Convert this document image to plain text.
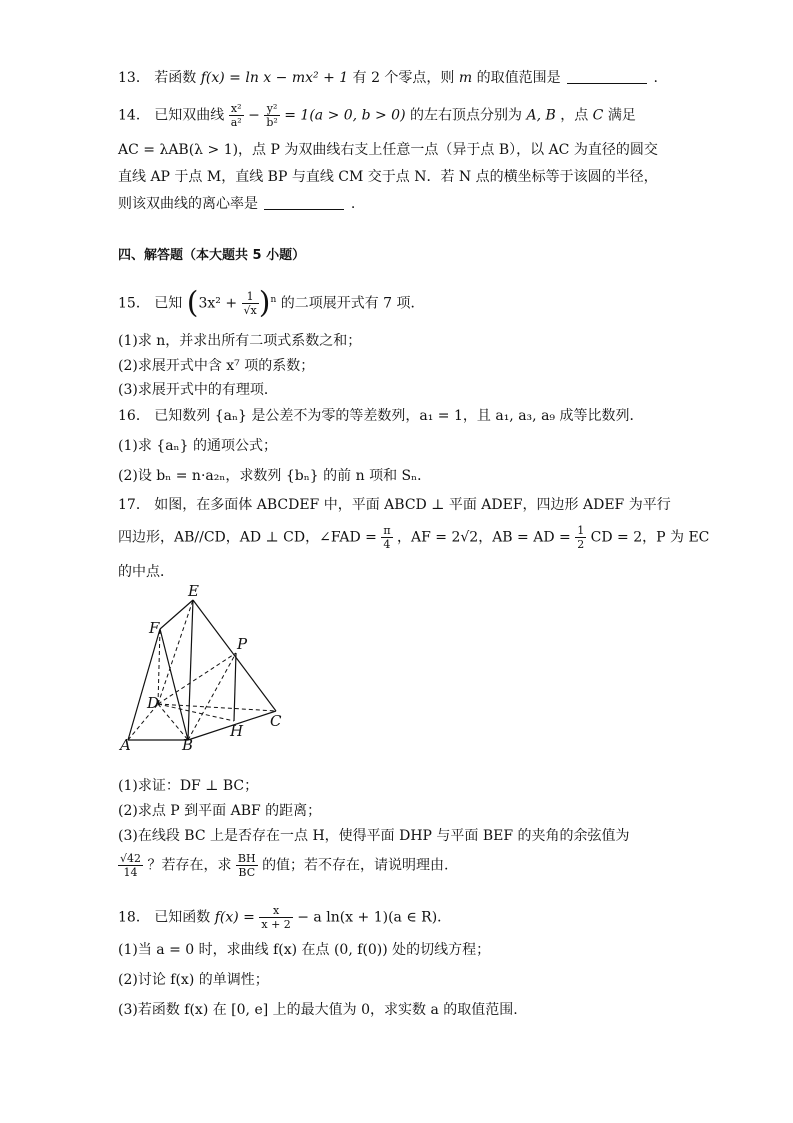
13． 若函数 f(x) = ln x − mx² + 1 有 2 个零点，则 m 的取值范围是	.
14． 已知双曲线 $\frac{\text{x²}}{\text{a²}} - \frac{\text{y²}}{\text{b²}} = 1(a > 0$, b > 0) 的左右顶点分别为 A, B ，点 C 满足
AC = λAB(λ > 1)，点 P 为双曲线右支上任意一点（异于点 B），以 AC 为直径的圆交
直线 AP 于点 M，直线 BP 与直线 CM 交于点 N．若 N 点的横坐标等于该圆的半径，
则该双曲线的离心率是	.
四、解答题（本大题共 5 小题）
15． 已知 $(3x^2 + \frac{1}{√x} )^n$ 的二项展开式有 7 项．
(1)求 n，并求出所有二项式系数之和；
(2)求展开式中含 x⁷ 项的系数；
(3)求展开式中的有理项．
16． 已知数列 {aₙ} 是公差不为零的等差数列，a₁ = 1，且 a₁, a₃, a₉ 成等比数列．
(1)求 {aₙ} 的通项公式；
(2)设 bₙ = n·a₂ₙ，求数列 {bₙ} 的前 n 项和 Sₙ．
17． 如图，在多面体 ABCDEF 中，平面 ABCD ⊥ 平面 ADEF，四边形 ADEF 为平行
四边形，AB//CD，AD ⊥ CD，∠FAD = $\frac{\pi}{4}$ ，AF = 2√2，AB = AD = $\frac{1}{2}$ CD = 2，P 为 EC
的中点．
E
F
P
D
C
H
A	B
(1)求证：DF ⊥ BC；
(2)求点 P 到平面 ABF 的距离；
(3)在线段 BC 上是否存在一点 H，使得平面 DHP 与平面 BEF 的夹角的余弦值为
$\frac{√42}{14}$ ？若存在，求 $\frac{BH}{BC}$ 的值；若不存在，请说明理由.
18． 已知函数 $f(x) = \frac{x}{x + 2} - a$ ln(x + 1)(a ∈ R)．
(1)当 a = 0 时，求曲线 f(x) 在点 (0, f(0)) 处的切线方程；
(2)讨论 f(x) 的单调性；
(3)若函数 f(x) 在 [0, e] 上的最大值为 0，求实数 a 的取值范围.
